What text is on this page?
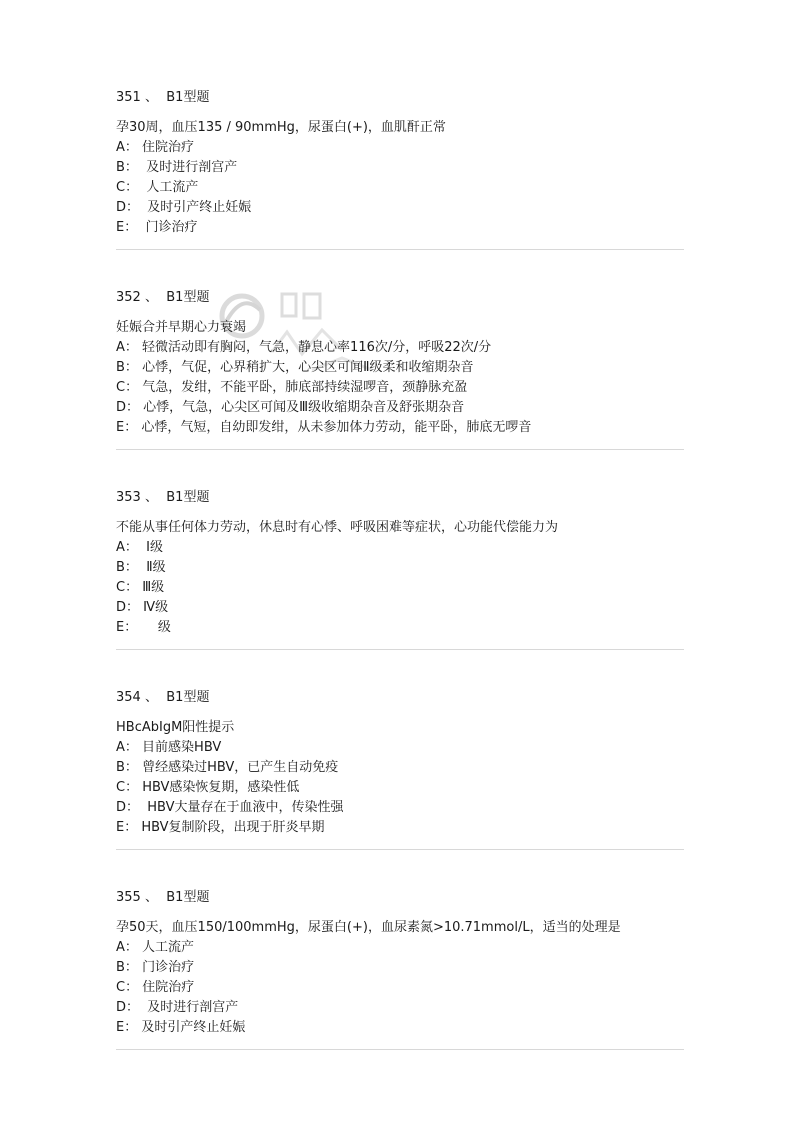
351 、 B1型题
孕30周，血压135 / 90mmHg，尿蛋白(+)，血肌酐正常
A： 住院治疗
B： 及时进行剖宫产
C： 人工流产
D： 及时引产终止妊娠
E： 门诊治疗
352 、 B1型题
妊娠合并早期心力衰竭
A： 轻微活动即有胸闷，气急，静息心率116次/分，呼吸22次/分
B： 心悸，气促，心界稍扩大，心尖区可闻Ⅱ级柔和收缩期杂音
C： 气急，发绀，不能平卧，肺底部持续湿啰音，颈静脉充盈
D： 心悸，气急，心尖区可闻及Ⅲ级收缩期杂音及舒张期杂音
E： 心悸，气短，自幼即发绀，从未参加体力劳动，能平卧，肺底无啰音
353 、 B1型题
不能从事任何体力劳动，休息时有心悸、呼吸困难等症状，心功能代偿能力为
A： Ⅰ级
B： Ⅱ级
C： Ⅲ级
D： Ⅳ级
E：     级
354 、 B1型题
HBcAbIgM阳性提示
A： 目前感染HBV
B： 曾经感染过HBV，已产生自动免疫
C： HBV感染恢复期，感染性低
D： HBV大量存在于血液中，传染性强
E： HBV复制阶段，出现于肝炎早期
355 、 B1型题
孕50天，血压150/100mmHg，尿蛋白(+)，血尿素氮>10.71mmol/L，适当的处理是
A： 人工流产
B： 门诊治疗
C： 住院治疗
D： 及时进行剖宫产
E： 及时引产终止妊娠
